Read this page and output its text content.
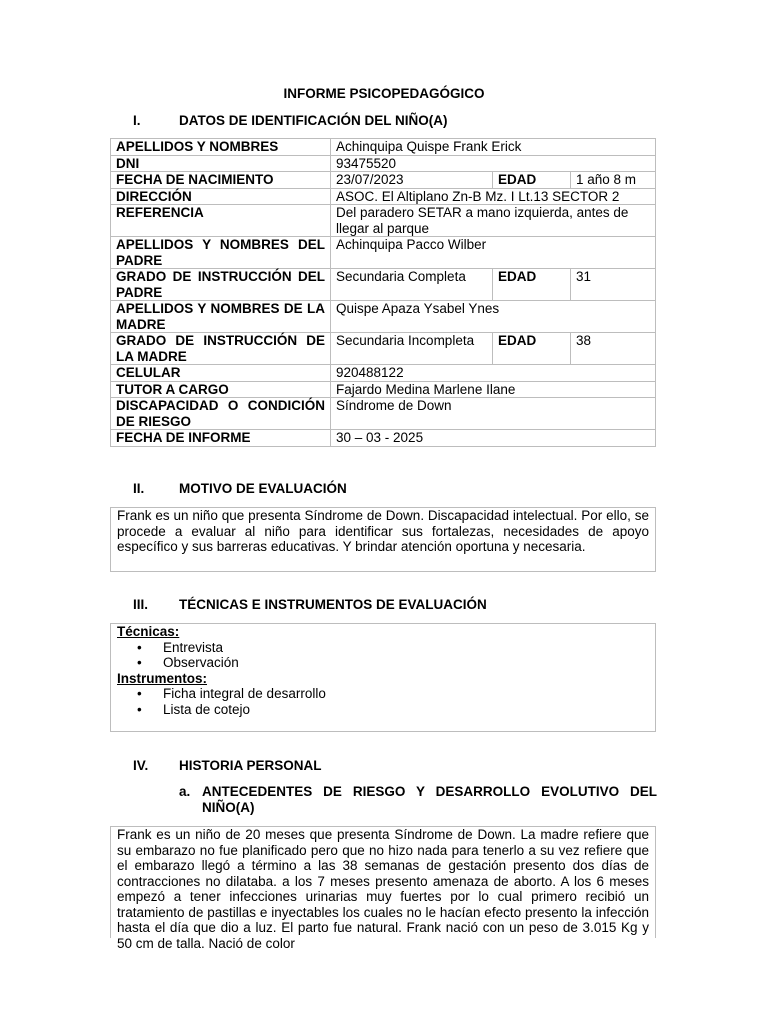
INFORME PSICOPEDAGÓGICO
I.	DATOS DE IDENTIFICACIÓN DEL NIÑO(A)
APELLIDOS Y NOMBRES	Achinquipa Quispe Frank Erick		
DNI	93475520		
FECHA DE NACIMIENTO	23/07/2023	EDAD	1 año 8 m
DIRECCIÓN	ASOC. El Altiplano Zn-B Mz. I Lt.13 SECTOR 2		
REFERENCIA	Del paradero SETAR a mano izquierda, antes de llegar al parque		
APELLIDOS Y NOMBRES DEL PADRE	Achinquipa Pacco Wilber		
GRADO DE INSTRUCCIÓN DEL PADRE	Secundaria Completa	EDAD	31
APELLIDOS Y NOMBRES DE LA MADRE	Quispe Apaza Ysabel Ynes		
GRADO DE INSTRUCCIÓN DE LA MADRE	Secundaria Incompleta	EDAD	38
CELULAR	920488122		
TUTOR A CARGO	Fajardo Medina Marlene Ilane		
DISCAPACIDAD O CONDICIÓN DE RIESGO	Síndrome de Down		
FECHA DE INFORME	30 – 03 - 2025		
II.	MOTIVO DE EVALUACIÓN
Frank es un niño que presenta Síndrome de Down. Discapacidad intelectual. Por ello, se procede a evaluar al niño para identificar sus fortalezas, necesidades de apoyo específico y sus barreras educativas. Y brindar atención oportuna y necesaria.
III. TÉCNICAS E INSTRUMENTOS DE EVALUACIÓN
Técnicas:
• Entrevista
• Observación
Instrumentos:
• Ficha integral de desarrollo
• Lista de cotejo
IV. HISTORIA PERSONAL
a. ANTECEDENTES DE RIESGO Y DESARROLLO EVOLUTIVO DEL NIÑO(A)
Frank es un niño de 20 meses que presenta Síndrome de Down. La madre refiere que su embarazo no fue planificado pero que no hizo nada para tenerlo a su vez refiere que el embarazo llegó a término a las 38 semanas de gestación presento dos días de contracciones no dilataba. a los 7 meses presento amenaza de aborto. A los 6 meses empezó a tener infecciones urinarias muy fuertes por lo cual primero recibió un tratamiento de pastillas e inyectables los cuales no le hacían efecto presento la infección hasta el día que dio a luz. El parto fue natural. Frank nació con un peso de 3.015 Kg y 50 cm de talla. Nació de color
